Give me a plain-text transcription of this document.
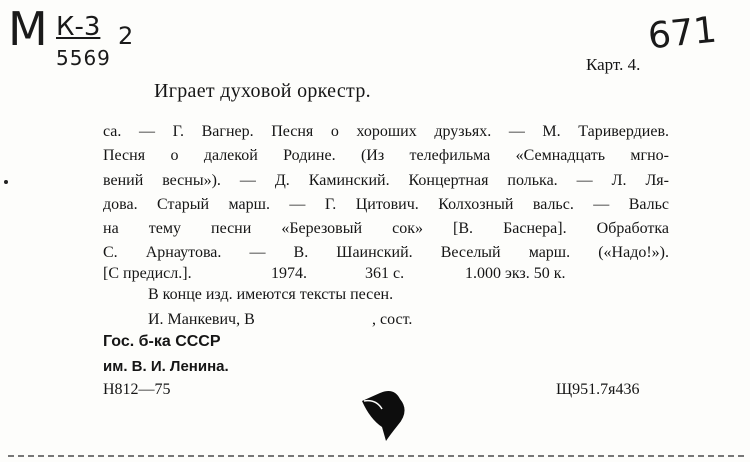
М К-3 2
5569
671
Карт. 4.
Играет духовой оркестр.
са. — Г. Вагнер. Песня о хороших друзьях. — М. Таривердиев.
Песня о далекой Родине. (Из телефильма «Семнадцать мгно-
вений весны»). — Д. Каминский. Концертная полька. — Л. Ля-
дова. Старый марш. — Г. Цитович. Колхозный вальс. — Вальс
на тему песни «Березовый сок» [В. Баснера]. Обработка
С. Арнаутова. — В. Шаинский. Веселый марш. («Надо!»).
[С предисл.].	1974.	361 с.	1.000 экз. 50 к.
В конце изд. имеются тексты песен.
И. Манкевич, В	, сост.
Гос. б-ка СССР
им. В. И. Ленина.
Н812—75	Щ951.7я436
